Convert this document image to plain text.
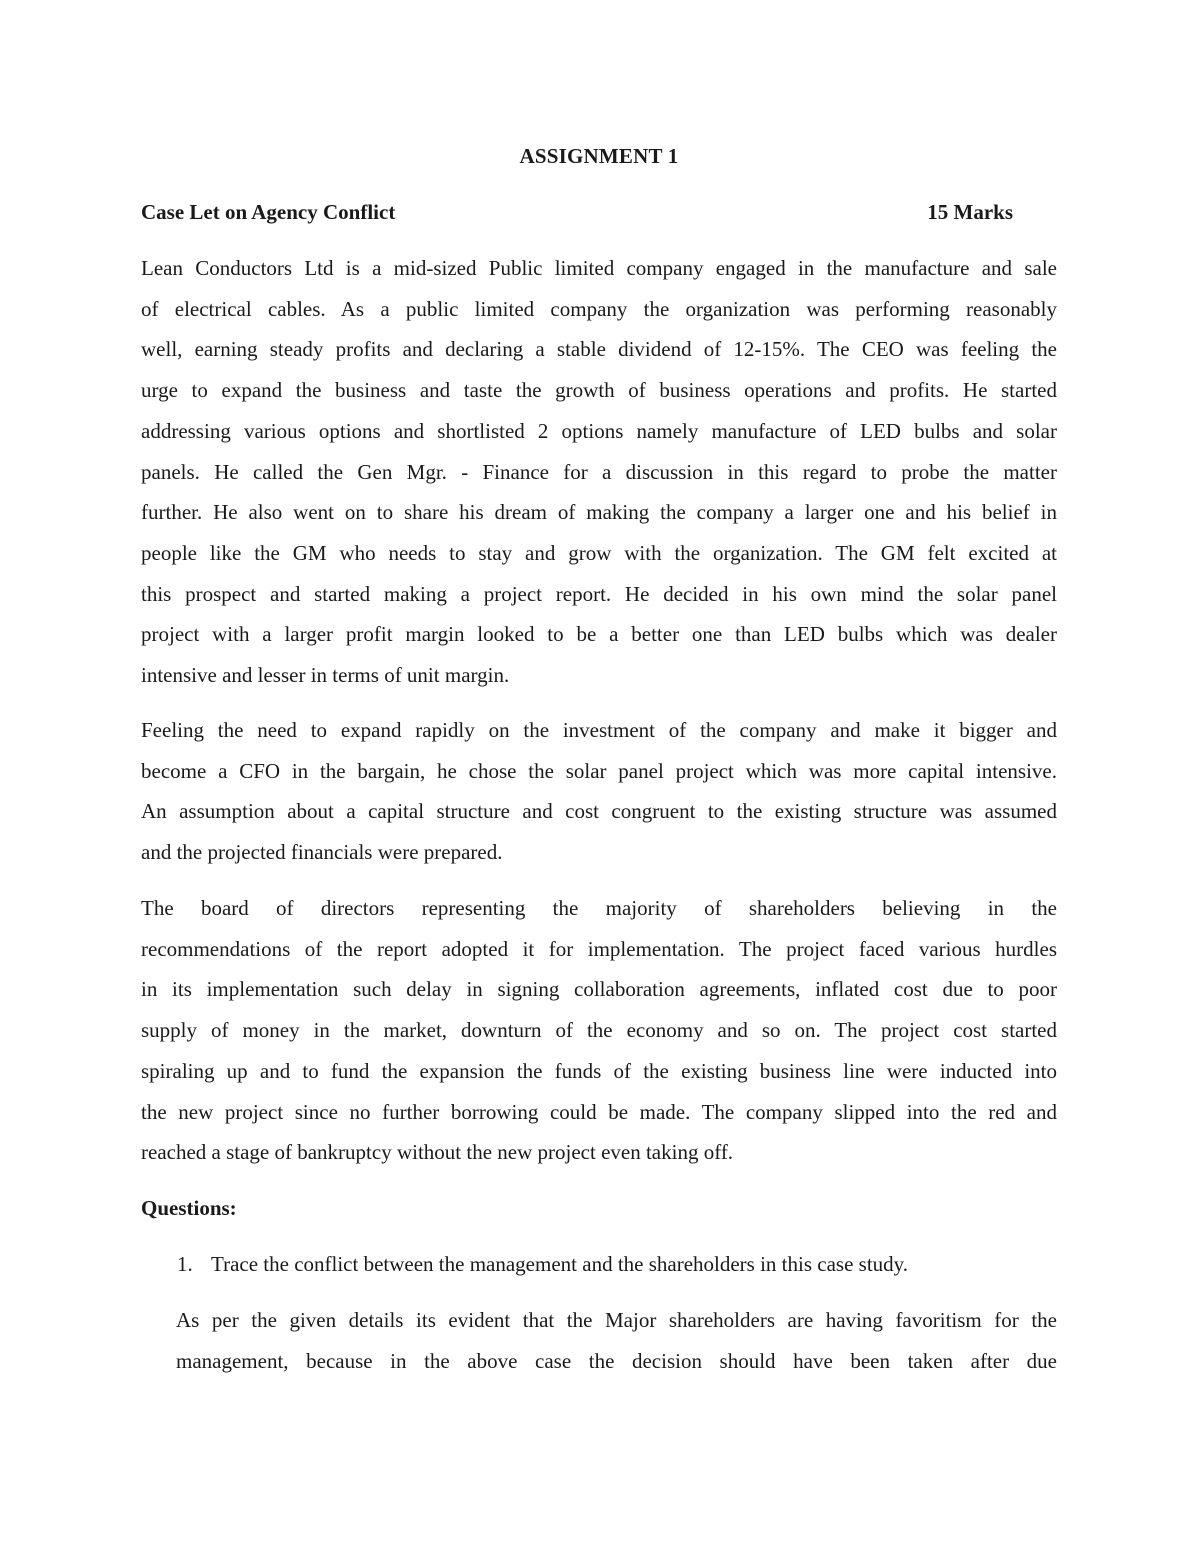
ASSIGNMENT 1
Case Let on Agency Conflict	15 Marks

Lean Conductors Ltd is a mid-sized Public limited company engaged in the manufacture and sale
of electrical cables. As a public limited company the organization was performing reasonably
well, earning steady profits and declaring a stable dividend of 12-15%. The CEO was feeling the
urge to expand the business and taste the growth of business operations and profits. He started
addressing various options and shortlisted 2 options namely manufacture of LED bulbs and solar
panels. He called the Gen Mgr. - Finance for a discussion in this regard to probe the matter
further. He also went on to share his dream of making the company a larger one and his belief in
people like the GM who needs to stay and grow with the organization. The GM felt excited at
this prospect and started making a project report. He decided in his own mind the solar panel
project with a larger profit margin looked to be a better one than LED bulbs which was dealer
intensive and lesser in terms of unit margin.

Feeling the need to expand rapidly on the investment of the company and make it bigger and
become a CFO in the bargain, he chose the solar panel project which was more capital intensive.
An assumption about a capital structure and cost congruent to the existing structure was assumed
and the projected financials were prepared.

The board of directors representing the majority of shareholders believing in the
recommendations of the report adopted it for implementation. The project faced various hurdles
in its implementation such delay in signing collaboration agreements, inflated cost due to poor
supply of money in the market, downturn of the economy and so on. The project cost started
spiraling up and to fund the expansion the funds of the existing business line were inducted into
the new project since no further borrowing could be made. The company slipped into the red and
reached a stage of bankruptcy without the new project even taking off.

Questions:
1. Trace the conflict between the management and the shareholders in this case study.

As per the given details its evident that the Major shareholders are having favoritism for the
management, because in the above case the decision should have been taken after due
